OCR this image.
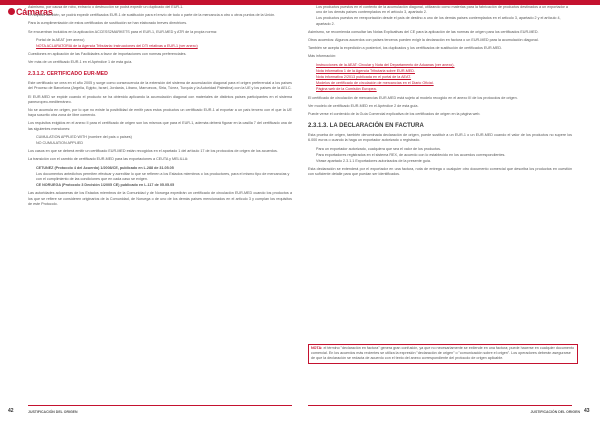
Cámaras

Asimismo, por causa de robo, extravío o destrucción se podrá expedir un duplicado del EUR-1.

En suplido también, se podrá expedir certificados EUR-1 de sustitución para el envío de todo o parte de la mercancía a otro u otros puntos de la Unión.

Para la cumplimentación de estos certificados de sustitución se han elaborado breves directrices.

Se encuentran incluidos en la aplicación ACCESS2MARKETS para el EUR-1, EUR-MED y ATR de la propia norma:

• Portal de la AEAT (ver anexo)
• NOTA ACLARATORIA de la Agencia Tributaria: instrucciones del DTI relativas a EUR-1 (ver anexo)

Cuestiones en aplicación de las Facilidades a favor de importaciones con normas preferenciales.

Ver más de un certificado EUR-1 en el Apéndice 1 de esta guía.

2.3.1.2. CERTIFICADO EUR-MED

Este certificado se crea en el año 2005 y surge como consecuencia de la extensión del sistema de acumulación diagonal para el origen preferencial a los países del Proceso de Barcelona (Argelia, Egipto, Israel, Jordania, Líbano, Marruecos, Siria, Túnez, Turquía y la Autoridad Palestina) con la UE y los países de la AELC.

El EUR-MED se expide cuando el producto se ha obtenido aplicando la acumulación diagonal con materiales de distintos países participantes en el sistema paneuropeo-mediterráneo.

No se acumula en origen, por lo que no existe la posibilidad de emitir para estos productos un certificado EUR-1 al exportar a un país tercero con el que la UE haya suscrito otra zona de libre comercio.

Los requisitos exigidos en el anexo II para el certificado de origen son los mismos que para el EUR-1, además deberá figurar en la casilla 7 del certificado una de las siguientes menciones:

• CUMULATION APPLIED WITH (nombre del país o países)
• NO CUMULATION APPLIED

Los casos en que se deberá emitir un certificado EUR-MED están recogidos en el apartado 1 del artículo 17 de los protocolos de origen de los acuerdos.

La transición con el cambio de certificado EUR-MED para las exportaciones a CEUTA y MELILLA:

• CETUNEZ (Protocolo 4 del Acuerdo) 1/2008/CE, publicado en L.288 de 31.05.05
• Los documentos antedichos permiten efectuar y acreditar lo que se refieren a los Estados miembros o los productores, para el mismo tipo de mercancías y con el cumplimiento de las condiciones que en cada caso se exigen.
• CE NORUEGA (Protocolo 3 Decisión 1/2005 CE) publicado en L.117 de 05.05.05

Las autoridades aduaneras de los Estados miembros de la Comunidad y de Noruega expedirán un certificado de circulación EUR-MED cuando los productos a los que se refiere se consideren originarios de la Comunidad, de Noruega o de uno de los demás países mencionados en el artículo 3 y cumplan los requisitos de este Protocolo.

• Los productos puestos en el contexto de la acumulación diagonal, utilizando como materias para la fabricación de productos destinados a un exportador a uno de los demás países contemplados en el artículo 3, apartado 2.
• Los productos puestos en reexportación desde el país de destino a uno de los demás países contemplados en el artículo 3, apartado 2 y el artículo 4, apartado 2.

Asimismo, se recomienda consultar las Notas Explicativas del CE para la aplicación de las normas de origen para los certificados EUR-MED.

Otros acuerdos: Algunos acuerdos con países terceros pueden exigir la declaración en factura o un EUR-MED para la acumulación diagonal.

También se acepta la expedición a posteriori, los duplicados y los certificados de sustitución de certificados EUR-MED.

Más información:

• Instrucciones de la AEAT: Circular y Nota del Departamento de Aduanas (ver anexo).
• Nota informativa 1 de la Agencia Tributaria sobre EUR-MED.
• Nota informativa 2/2013 publicada en el portal de la AEAT.
• Modelos de certificado de circulación de mercancías en el Diario Oficial.
• Página web de la Comisión Europea.

El certificado de circulación de mercancías EUR-MED está sujeto al modelo recogido en el anexo III de los protocolos de origen.

Ver modelo de certificado EUR-MED en el Apéndice 2 de esta guía.

Puede verse el contenido de la Guía Comercial explicativa de los certificados de origen en la página web.

2.3.1.3. LA DECLARACIÓN EN FACTURA

Esta prueba de origen, también denominada declaración de origen, puede sustituir a un EUR-1 o un EUR-MED cuando el valor de los productos no supere los 6.000 euros o cuando la haga un exportador autorizado o registrado.

• Para un exportador autorizado, cualquiera que sea el valor de los productos.
• Para exportadores registrados en el sistema REX, de acuerdo con lo establecido en los acuerdos correspondientes.
• Véase apartado 2.3.1.1 Exportadores autorizados de la presente guía.

Esta declaración se extenderá por el exportador en una factura, nota de entrega o cualquier otro documento comercial que describa los productos en cuestión con suficiente detalle para que puedan ser identificados.

NOTA: el término "declaración en factura" genera gran confusión, ya que no necesariamente se extiende en una factura; puede hacerse en cualquier documento comercial. En los acuerdos más recientes se utiliza la expresión "declaración de origen" o "comunicación sobre el origen". Los operadores deberán asegurarse de que la declaración se redacta de acuerdo con el texto del anexo correspondiente del protocolo de origen aplicable.
42	JUSTIFICACIÓN DEL ORIGEN	JUSTIFICACIÓN DEL ORIGEN 43
